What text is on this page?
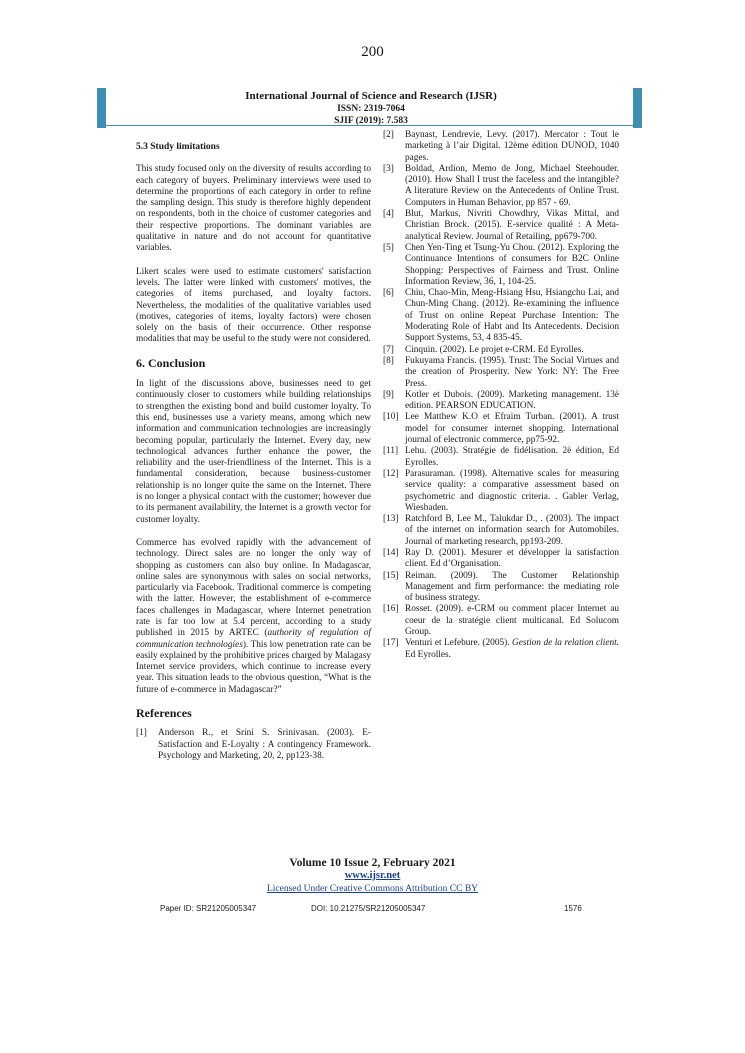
200
International Journal of Science and Research (IJSR)
ISSN: 2319-7064
SJIF (2019): 7.583
5.3 Study limitations

This study focused only on the diversity of results according to each category of buyers. Preliminary interviews were used to determine the proportions of each category in order to refine the sampling design. This study is therefore highly dependent on respondents, both in the choice of customer categories and their respective proportions. The dominant variables are qualitative in nature and do not account for quantitative variables.

Likert scales were used to estimate customers' satisfaction levels. The latter were linked with customers' motives, the categories of items purchased, and loyalty factors. Nevertheless, the modalities of the qualitative variables used (motives, categories of items, loyalty factors) were chosen solely on the basis of their occurrence. Other response modalities that may be useful to the study were not considered.

6. Conclusion

In light of the discussions above, businesses need to get continuously closer to customers while building relationships to strengthen the existing bond and build customer loyalty. To this end, businesses use a variety means, among which new information and communication technologies are increasingly becoming popular, particularly the Internet. Every day, new technological advances further enhance the power, the reliability and the user-friendliness of the Internet. This is a fundamental consideration, because business-customer relationship is no longer quite the same on the Internet. There is no longer a physical contact with the customer; however due to its permanent availability, the Internet is a growth vector for customer loyalty.

Commerce has evolved rapidly with the advancement of technology. Direct sales are no longer the only way of shopping as customers can also buy online. In Madagascar, online sales are synonymous with sales on social networks, particularly via Facebook. Traditional commerce is competing with the latter. However, the establishment of e-commerce faces challenges in Madagascar, where Internet penetration rate is far too low at 5.4 percent, according to a study published in 2015 by ARTEC (authority of regulation of communication technologies). This low penetration rate can be easily explained by the prohibitive prices charged by Malagasy Internet service providers, which continue to increase every year. This situation leads to the obvious question, “What is the future of e-commerce in Madagascar?”

References
[1]	Anderson R., et Srini S. Srinivasan. (2003). E-Satisfaction and E-Loyalty : A contingency Framework. Psychology and Marketing, 20, 2, pp123-38.
[2]	Baynast, Lendrevie, Levy. (2017). Mercator : Tout le marketing à l’air Digital. 12ème édition DUNOD, 1040 pages.
[3]	Boldad, Ardion, Memo de Jong, Michael Steehouder. (2010). How Shall I trust the faceless and the intangible? A literature Review on the Antecedents of Online Trust. Computers in Human Behavior, pp 857 - 69.
[4]	Blut, Markus, Nivriti Chowdhry, Vikas Mittal, and Christian Brock. (2015). E-service qualité : A Meta-analytical Review. Journal of Retailing, pp679-700.
[5]	Chen Yen-Ting et Tsung-Yu Chou. (2012). Exploring the Continuance Intentions of consumers for B2C Online Shopping: Perspectives of Fairness and Trust. Online Information Review, 36, 1, 104-25.
[6]	Chiu, Chao-Min, Meng-Hsiang Hsu, Hsiangchu Lai, and Chun-Ming Chang. (2012). Re-examining the influence of Trust on online Repeat Purchase Intention: The Moderating Role of Habt and Its Antecedents. Decision Support Systems, 53, 4 835-45.
[7]	Cinquin. (2002). Le projet e-CRM. Ed Eyrolles.
[8]	Fukuyama Francis. (1995). Trust: The Social Virtues and the creation of Prosperity. New York: NY: The Free Press.
[9]	Kotler et Dubois. (2009). Marketing management. 13è edition. PEARSON EDUCATION.
[10] Lee Matthew K.O et Efraim Turban. (2001). A trust model for consumer internet shopping. International journal of electronic commerce, pp75-92.
[11] Lehu. (2003). Stratégie de fidélisation. 2è édition, Ed Eyrolles.
[12] Parasuraman. (1998). Alternative scales for measuring service quality: a comparative assessment based on psychometric and diagnostic criteria. . Gabler Verlag, Wiesbaden.
[13] Ratchford B, Lee M., Talukdar D., . (2003). The impact of the internet on information search for Automobiles. Journal of marketing research, pp193-209.
[14] Ray D. (2001). Mesurer et développer la satisfaction client. Ed d’Organisation.
[15] Reiman. (2009). The Customer Relationship Management and firm performance: the mediating role of business strategy.
[16] Rosset. (2009). e-CRM ou comment placer Internet au coeur de la stratégie client multicanal. Ed Solucom Group.
[17] Venturi et Lefebure. (2005). Gestion de la relation client. Ed Eyrolles.
Volume 10 Issue 2, February 2021
www.ijsr.net
Licensed Under Creative Commons Attribution CC BY
Paper ID: SR21205005347	DOI: 10.21275/SR21205005347	1576
